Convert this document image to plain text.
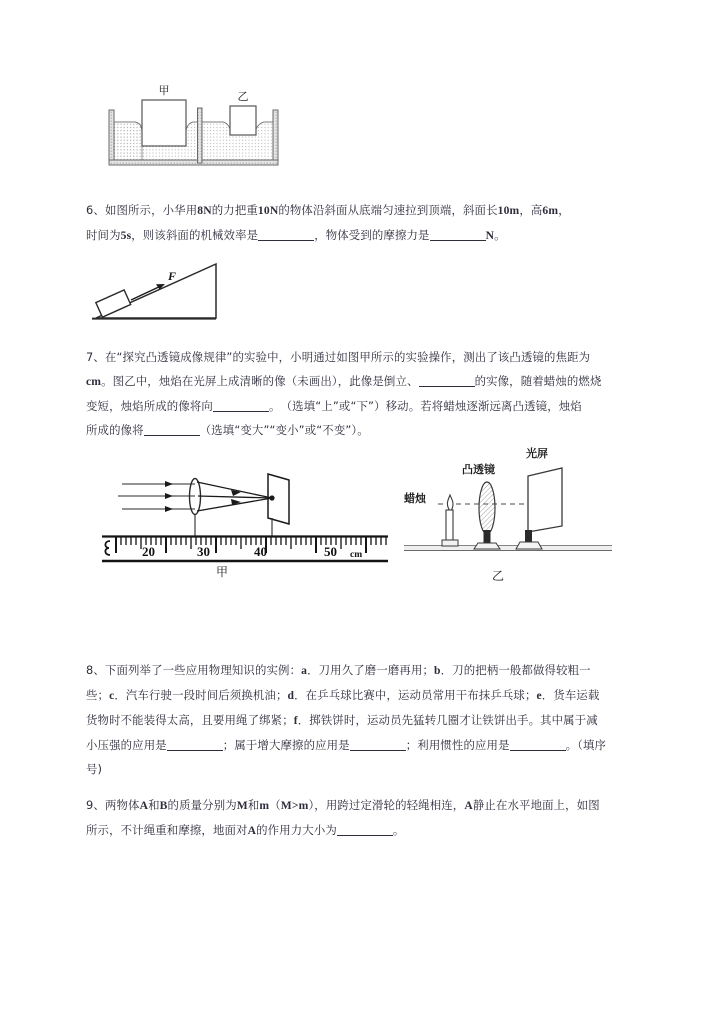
甲	乙
6、如图所示，小华用8N的力把重10N的物体沿斜面从底端匀速拉到顶端，斜面长10m，高6m，
时间为5s，则该斜面的机械效率是	，物体受到的摩擦力是	N。
F
7、在“探究凸透镜成像规律”的实验中，小明通过如图甲所示的实验操作，测出了该凸透镜的焦距为
cm。图乙中，烛焰在光屏上成清晰的像（未画出），此像是倒立、	的实像，随着蜡烛的燃烧
变短，烛焰所成的像将向	。　（选填“上”或“下”）移动。若将蜡烛逐渐远离凸透镜，烛焰
所成的像将	（选填“变大”“变小”或“不变”）。
20	30	40	50 cm
甲
蜡烛
凸透镜
光屏
乙
8、下面列举了一些应用物理知识的实例：a．刀用久了磨一磨再用；b．刀的把柄一般都做得较粗一
些；c．汽车行驶一段时间后须换机油；d．在乒乓球比赛中，运动员常用干布抹乒乓球；e．货车运载
货物时不能装得太高，且要用绳了绑紧；f．掷铁饼时，运动员先猛转几圈才让铁饼出手。其中属于减
小压强的应用是	；属于增大摩擦的应用是	；利用惯性的应用是	。（填序
号)
9、两物体A和B的质量分别为M和m（M>m），用跨过定滑轮的轻绳相连，A静止在水平地面上，如图
所示，不计绳重和摩擦，地面对A的作用力大小为	。
